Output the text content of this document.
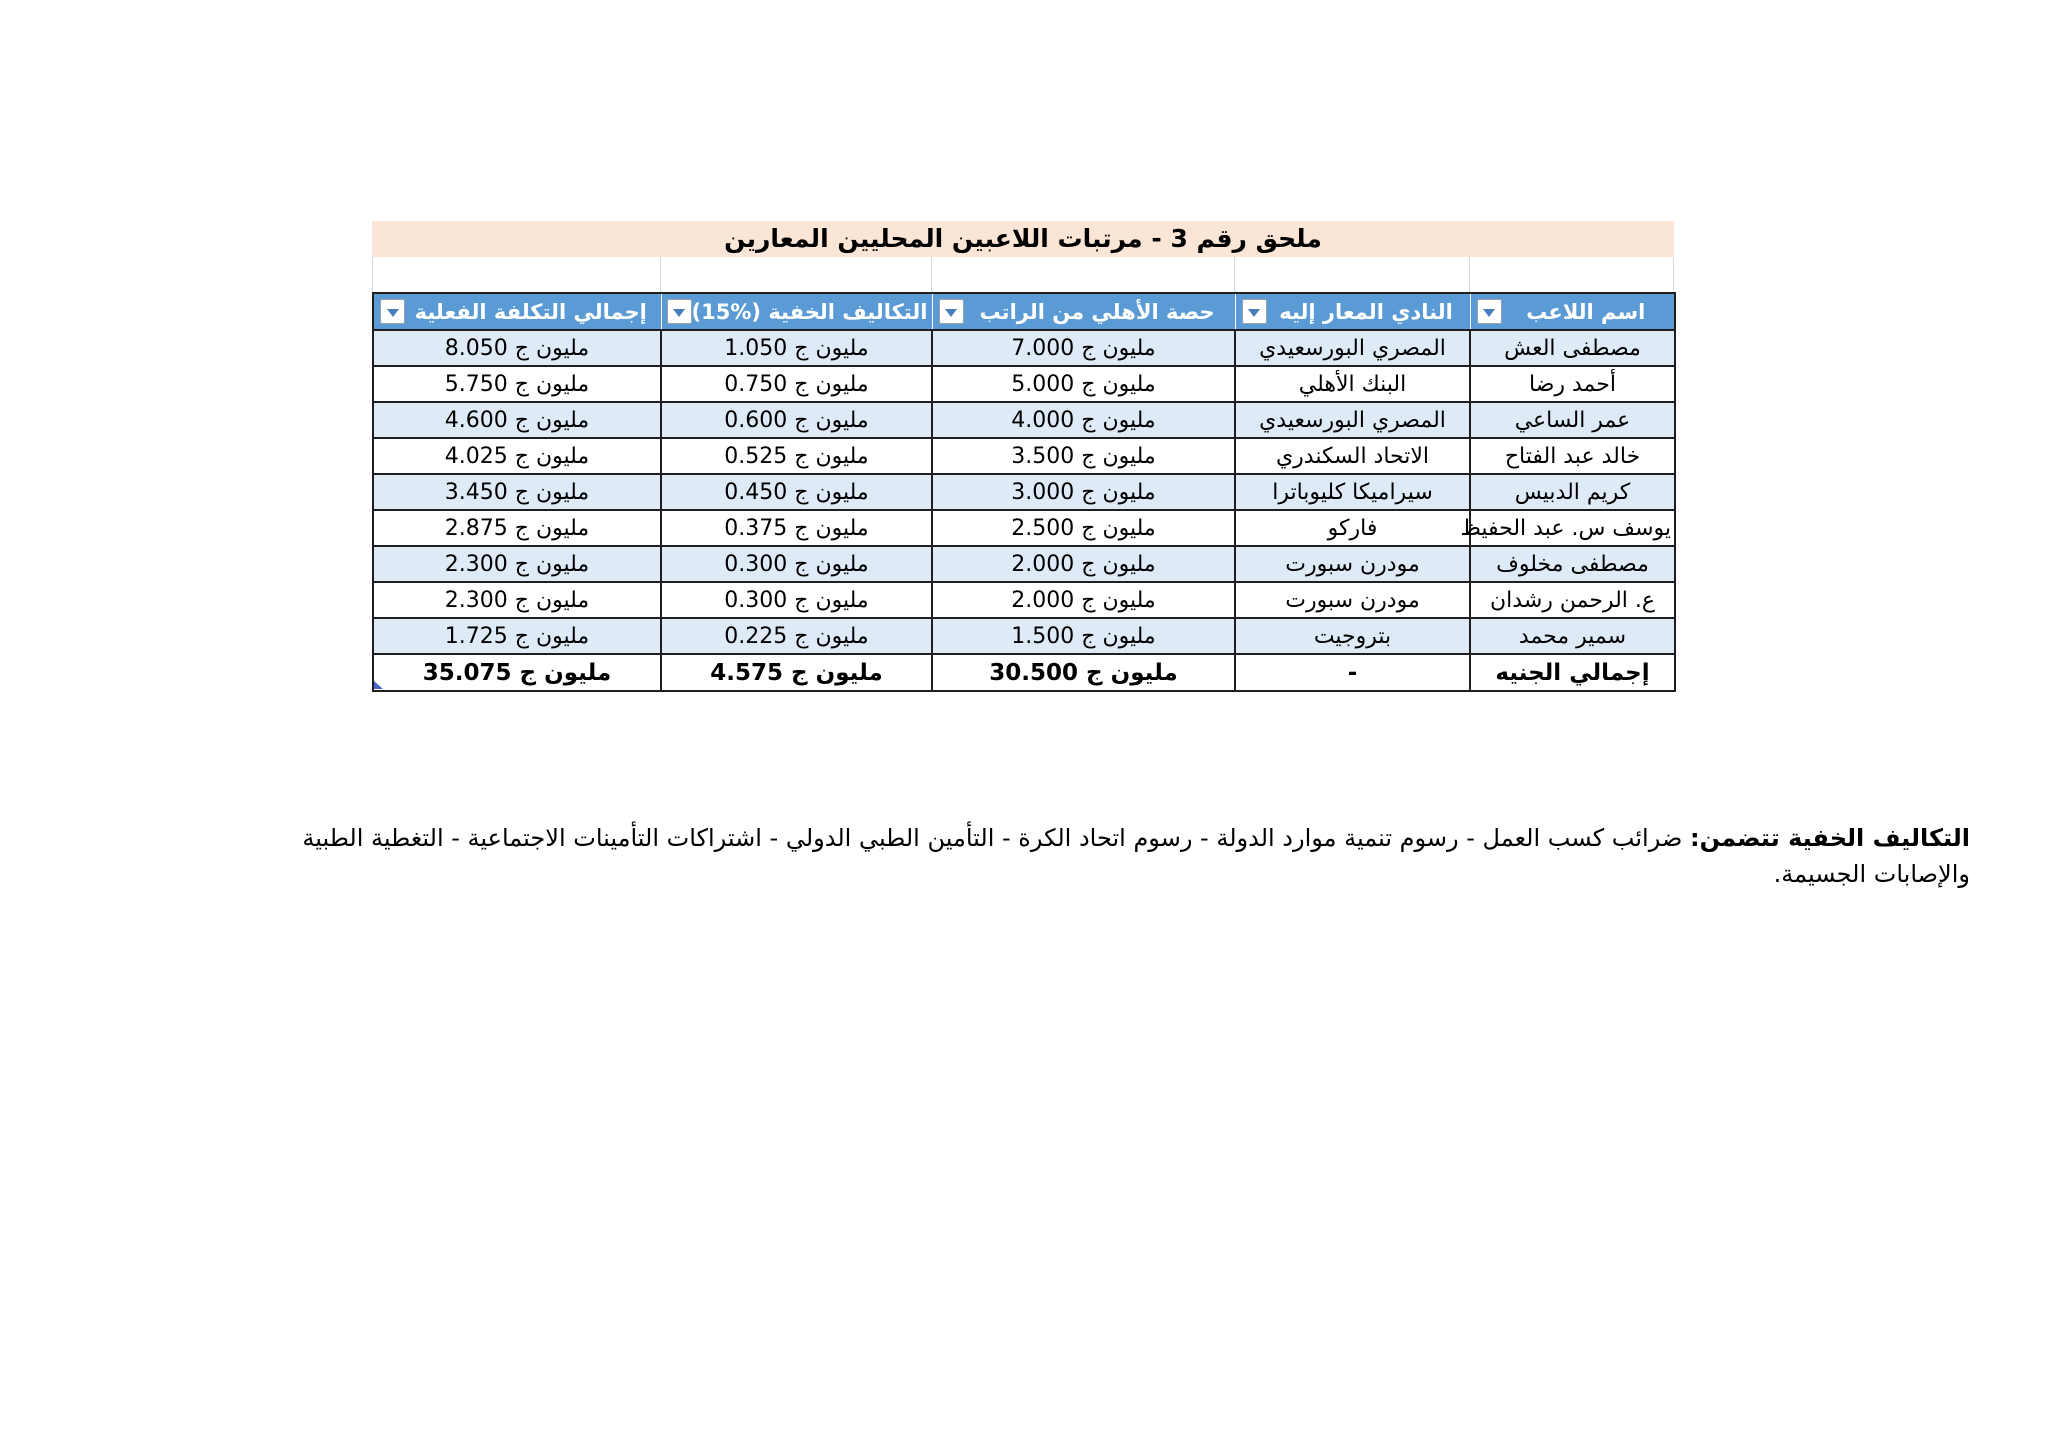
ملحق رقم 3 - مرتبات اللاعبين المحليين المعارين
اسم اللاعب	النادي المعار إليه	حصة الأهلي من الراتب	التكاليف الخفية (%15)	إجمالي التكلفة الفعلية

مصطفى العش	المصري البورسعيدي	7.000 مليون ج	1.050 مليون ج	8.050 مليون ج
أحمد رضا	البنك الأهلي	5.000 مليون ج	0.750 مليون ج	5.750 مليون ج
عمر الساعي	المصري البورسعيدي	4.000 مليون ج	0.600 مليون ج	4.600 مليون ج
خالد عبد الفتاح	الاتحاد السكندري	3.500 مليون ج	0.525 مليون ج	4.025 مليون ج
كريم الدبيس	سيراميكا كليوباترا	3.000 مليون ج	0.450 مليون ج	3.450 مليون ج
يوسف س. عبد الحفيظ	فاركو	2.500 مليون ج	0.375 مليون ج	2.875 مليون ج
مصطفى مخلوف	مودرن سبورت	2.000 مليون ج	0.300 مليون ج	2.300 مليون ج
ع. الرحمن رشدان	مودرن سبورت	2.000 مليون ج	0.300 مليون ج	2.300 مليون ج
سمير محمد	بتروجيت	1.500 مليون ج	0.225 مليون ج	1.725 مليون ج
إجمالي الجنيه	-	30.500 مليون ج	4.575 مليون ج	35.075 مليون ج
التكاليف الخفية تتضمن: ضرائب كسب العمل - رسوم تنمية موارد الدولة - رسوم اتحاد الكرة - التأمين الطبي الدولي - اشتراكات التأمينات الاجتماعية - التغطية الطبية
والإصابات الجسيمة.
